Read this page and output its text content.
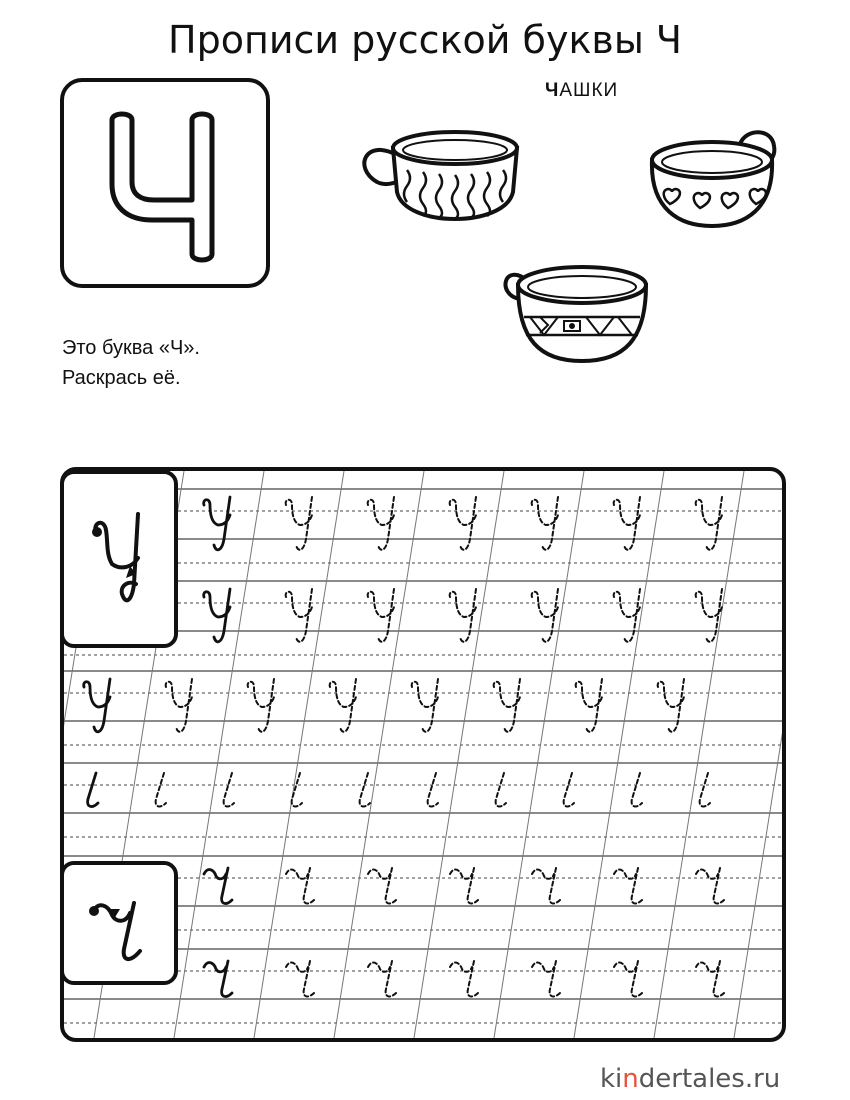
Прописи русской буквы Ч
ЧАШКИ
Это буква «Ч».
Раскрась её.
kindertales.ru
